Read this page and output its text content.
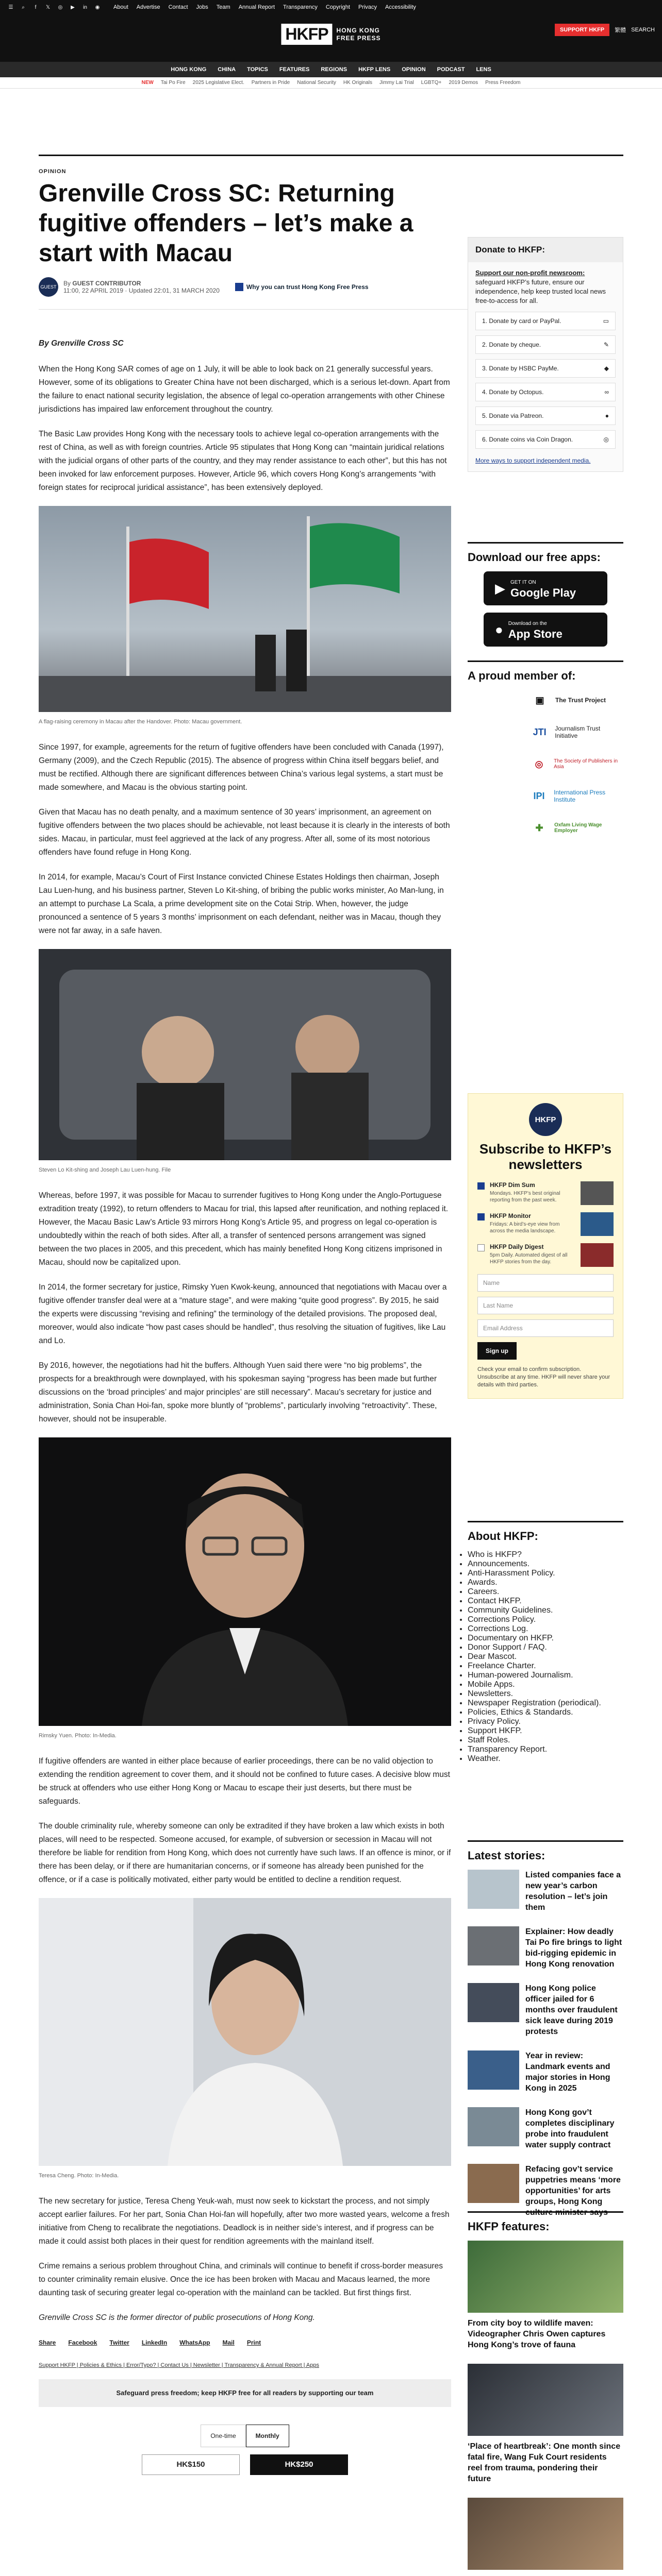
☰	⌕	f	𝕏 ◎	▶	in	◉ About Advertise Contact Jobs Team Annual Report Transparency Copyright Privacy Accessibility
HKFP	HONG KONG
FREE PRESS
SUPPORT HKFP	繁體 SEARCH
HONG KONG CHINA TOPICS FEATURES REGIONS HKFP LENS OPINION PODCAST LENS
NEW Tai Po Fire 2025 Legislative Elect. Partners in Pride National Security HK Originals Jimmy Lai Trial LGBTQ+ 2019 Demos Press Freedom
OPINION
Grenville Cross SC: Returning fugitive offenders – let’s make a start with Macau
GUEST By GUEST CONTRIBUTOR
11:00, 22 APRIL 2019 · Updated 22:01, 31 MARCH 2020	Why you can trust Hong Kong Free Press

By Grenville Cross SC

When the Hong Kong SAR comes of age on 1 July, it will be able to look back on 21 generally successful years. However, some of its obligations to Greater China have not been discharged, which is a serious let-down. Apart from the failure to enact national security legislation, the absence of legal co-operation arrangements with other Chinese jurisdictions has impaired law enforcement throughout the country.

The Basic Law provides Hong Kong with the necessary tools to achieve legal co-operation arrangements with the rest of China, as well as with foreign countries. Article 95 stipulates that Hong Kong can “maintain juridical relations with the judicial organs of other parts of the country, and they may render assistance to each other”, but this has not been invoked for law enforcement purposes. However, Article 96, which covers Hong Kong’s arrangements “with foreign states for reciprocal juridical assistance”, has been extensively deployed.

A flag-raising ceremony in Macau after the Handover. Photo: Macau government.

Since 1997, for example, agreements for the return of fugitive offenders have been concluded with Canada (1997), Germany (2009), and the Czech Republic (2015). The absence of progress within China itself beggars belief, and must be rectified. Although there are significant differences between China’s various legal systems, a start must be made somewhere, and Macau is the obvious starting point.

Given that Macau has no death penalty, and a maximum sentence of 30 years’ imprisonment, an agreement on fugitive offenders between the two places should be achievable, not least because it is clearly in the interests of both sides. Macau, in particular, must feel aggrieved at the lack of any progress. After all, some of its most notorious offenders have found refuge in Hong Kong.

In 2014, for example, Macau’s Court of First Instance convicted Chinese Estates Holdings then chairman, Joseph Lau Luen-hung, and his business partner, Steven Lo Kit-shing, of bribing the public works minister, Ao Man-lung, in an attempt to purchase La Scala, a prime development site on the Cotai Strip. When, however, the judge pronounced a sentence of 5 years 3 months’ imprisonment on each defendant, neither was in Macau, though they were not far away, in a safe haven.

Steven Lo Kit-shing and Joseph Lau Luen-hung. File

Whereas, before 1997, it was possible for Macau to surrender fugitives to Hong Kong under the Anglo-Portuguese extradition treaty (1992), to return offenders to Macau for trial, this lapsed after reunification, and nothing replaced it. However, the Macau Basic Law’s Article 93 mirrors Hong Kong’s Article 95, and progress on legal co-operation is undoubtedly within the reach of both sides. After all, a transfer of sentenced persons arrangement was signed between the two places in 2005, and this precedent, which has mainly benefited Hong Kong citizens imprisoned in Macau, should now be capitalized upon.

In 2014, the former secretary for justice, Rimsky Yuen Kwok-keung, announced that negotiations with Macau over a fugitive offender transfer deal were at a “mature stage”, and were making “quite good progress”. By 2015, he said the experts were discussing “revising and refining” the terminology of the detailed provisions. The proposed deal, moreover, would also indicate “how past cases should be handled”, thus resolving the situation of fugitives, like Lau and Lo.

By 2016, however, the negotiations had hit the buffers. Although Yuen said there were “no big problems”, the prospects for a breakthrough were downplayed, with his spokesman saying “progress has been made but further discussions on the ‘broad principles’ and major principles’ are still necessary”. Macau’s secretary for justice and administration, Sonia Chan Hoi-fan, spoke more bluntly of “problems”, particularly involving “retroactivity”. These, however, should not be insuperable.

Rimsky Yuen. Photo: In-Media.

If fugitive offenders are wanted in either place because of earlier proceedings, there can be no valid objection to extending the rendition agreement to cover them, and it should not be confined to future cases. A decisive blow must be struck at offenders who use either Hong Kong or Macau to escape their just deserts, but there must be safeguards.

The double criminality rule, whereby someone can only be extradited if they have broken a law which exists in both places, will need to be respected. Someone accused, for example, of subversion or secession in Macau will not therefore be liable for rendition from Hong Kong, which does not currently have such laws. If an offence is minor, or if there has been delay, or if there are humanitarian concerns, or if someone has already been punished for the offence, or if a case is politically motivated, either party would be entitled to decline a rendition request.

Teresa Cheng. Photo: In-Media.

The new secretary for justice, Teresa Cheng Yeuk-wah, must now seek to kickstart the process, and not simply accept earlier failures. For her part, Sonia Chan Hoi-fan will hopefully, after two more wasted years, welcome a fresh initiative from Cheng to recalibrate the negotiations. Deadlock is in neither side’s interest, and if progress can be made it could assist both places in their quest for rendition agreements with the mainland itself.

Crime remains a serious problem throughout China, and criminals will continue to benefit if cross-border measures to counter criminality remain elusive. Once the ice has been broken with Macau and Macaus learned, the more daunting task of securing greater legal co-operation with the mainland can be tackled. But first things first.

Grenville Cross SC is the former director of public prosecutions of Hong Kong.

Share Facebook Twitter LinkedIn WhatsApp Mail Print
Support HKFP | Policies & Ethics | Error/Typo? | Contact Us | Newsletter | Transparency & Annual Report | Apps
Safeguard press freedom; keep HKFP free for all readers by supporting our team
One-time	Monthly
HK$150	HK$250
Donate to HKFP:
Support our non-profit newsroom: safeguard HKFP’s future, ensure our independence, help keep trusted local news free-to-access for all.
1. Donate by card or PayPal.	▭
2. Donate by cheque.	✎
3. Donate by HSBC PayMe.	◆
4. Donate by Octopus.	∞
5. Donate via Patreon.	●
6. Donate coins via Coin Dragon.	◎
More ways to support independent media.
Download our free apps:
▶ GET IT ON
Google Play
● Download on the
App Store
A proud member of:
▣	The Trust Project
JTI	Journalism Trust Initiative
◎	The Society of Publishers in Asia
IPI	International Press Institute
✚	Oxfam Living Wage Employer
HKFP
Subscribe to HKFP’s newsletters
HKFP Dim Sum
Mondays. HKFP’s best original reporting from the past week.
HKFP Monitor
Fridays: A bird’s-eye view from across the media landscape.
HKFP Daily Digest
5pm Daily. Automated digest of all HKFP stories from the day.
Name
Last Name
Email Address
Sign up
Check your email to confirm subscription. Unsubscribe at any time. HKFP will never share your details with third parties.
About HKFP:
• Who is HKFP?
• Announcements.
• Anti-Harassment Policy.
• Awards.
• Careers.
• Contact HKFP.
• Community Guidelines.
• Corrections Policy.
• Corrections Log.
• Documentary on HKFP.
• Donor Support / FAQ.
• Dear Mascot.
• Freelance Charter.
• Human-powered Journalism.
• Mobile Apps.
• Newsletters.
• Newspaper Registration (periodical).
• Policies, Ethics & Standards.
• Privacy Policy.
• Support HKFP.
• Staff Roles.
• Transparency Report.
• Weather.
Latest stories:
Listed companies face a new year’s carbon resolution – let’s join them
Explainer: How deadly Tai Po fire brings to light bid-rigging epidemic in Hong Kong renovation
Hong Kong police officer jailed for 6 months over fraudulent sick leave during 2019 protests
Year in review: Landmark events and major stories in Hong Kong in 2025
Hong Kong gov’t completes disciplinary probe into fraudulent water supply contract
Refacing gov’t service puppetries means ‘more opportunities’ for arts groups, Hong Kong culture minister says
HKFP features:
From city boy to wildlife maven: Videographer Chris Owen captures Hong Kong’s trove of fauna
‘Place of heartbreak’: One month since fatal fire, Wang Fuk Court residents reel from trauma, pondering their future
